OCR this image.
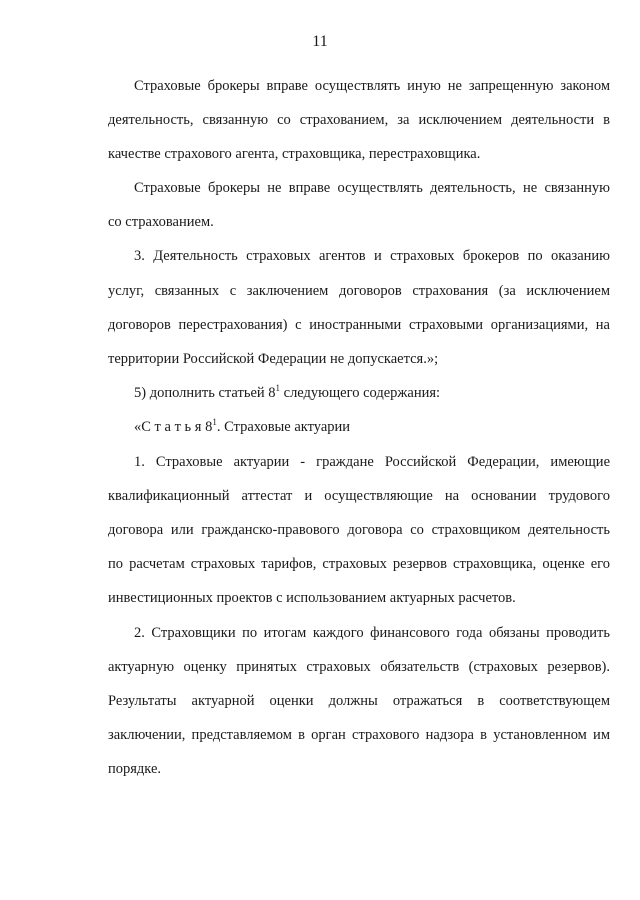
11
Страховые брокеры вправе осуществлять иную не запрещенную законом
деятельность, связанную со страхованием, за исключением деятельности в
качестве страхового агента, страховщика, перестраховщика.
Страховые брокеры не вправе осуществлять деятельность, не связанную
со страхованием.
3. Деятельность страховых агентов и страховых брокеров по оказанию
услуг, связанных с заключением договоров страхования (за исключением
договоров перестрахования) с иностранными страховыми организациями, на
территории Российской Федерации не допускается.»;
5) дополнить статьей $8^1$ следующего содержания:
«С т а т ь я $8^1$. Страховые актуарии
1. Страховые актуарии - граждане Российской Федерации, имеющие
квалификационный аттестат и осуществляющие на основании трудового
договора или гражданско-правового договора со страховщиком деятельность
по расчетам страховых тарифов, страховых резервов страховщика, оценке его
инвестиционных проектов с использованием актуарных расчетов.
2. Страховщики по итогам каждого финансового года обязаны проводить
актуарную оценку принятых страховых обязательств (страховых резервов).
Результаты актуарной оценки должны отражаться в соответствующем
заключении, представляемом в орган страхового надзора в установленном им
порядке.
